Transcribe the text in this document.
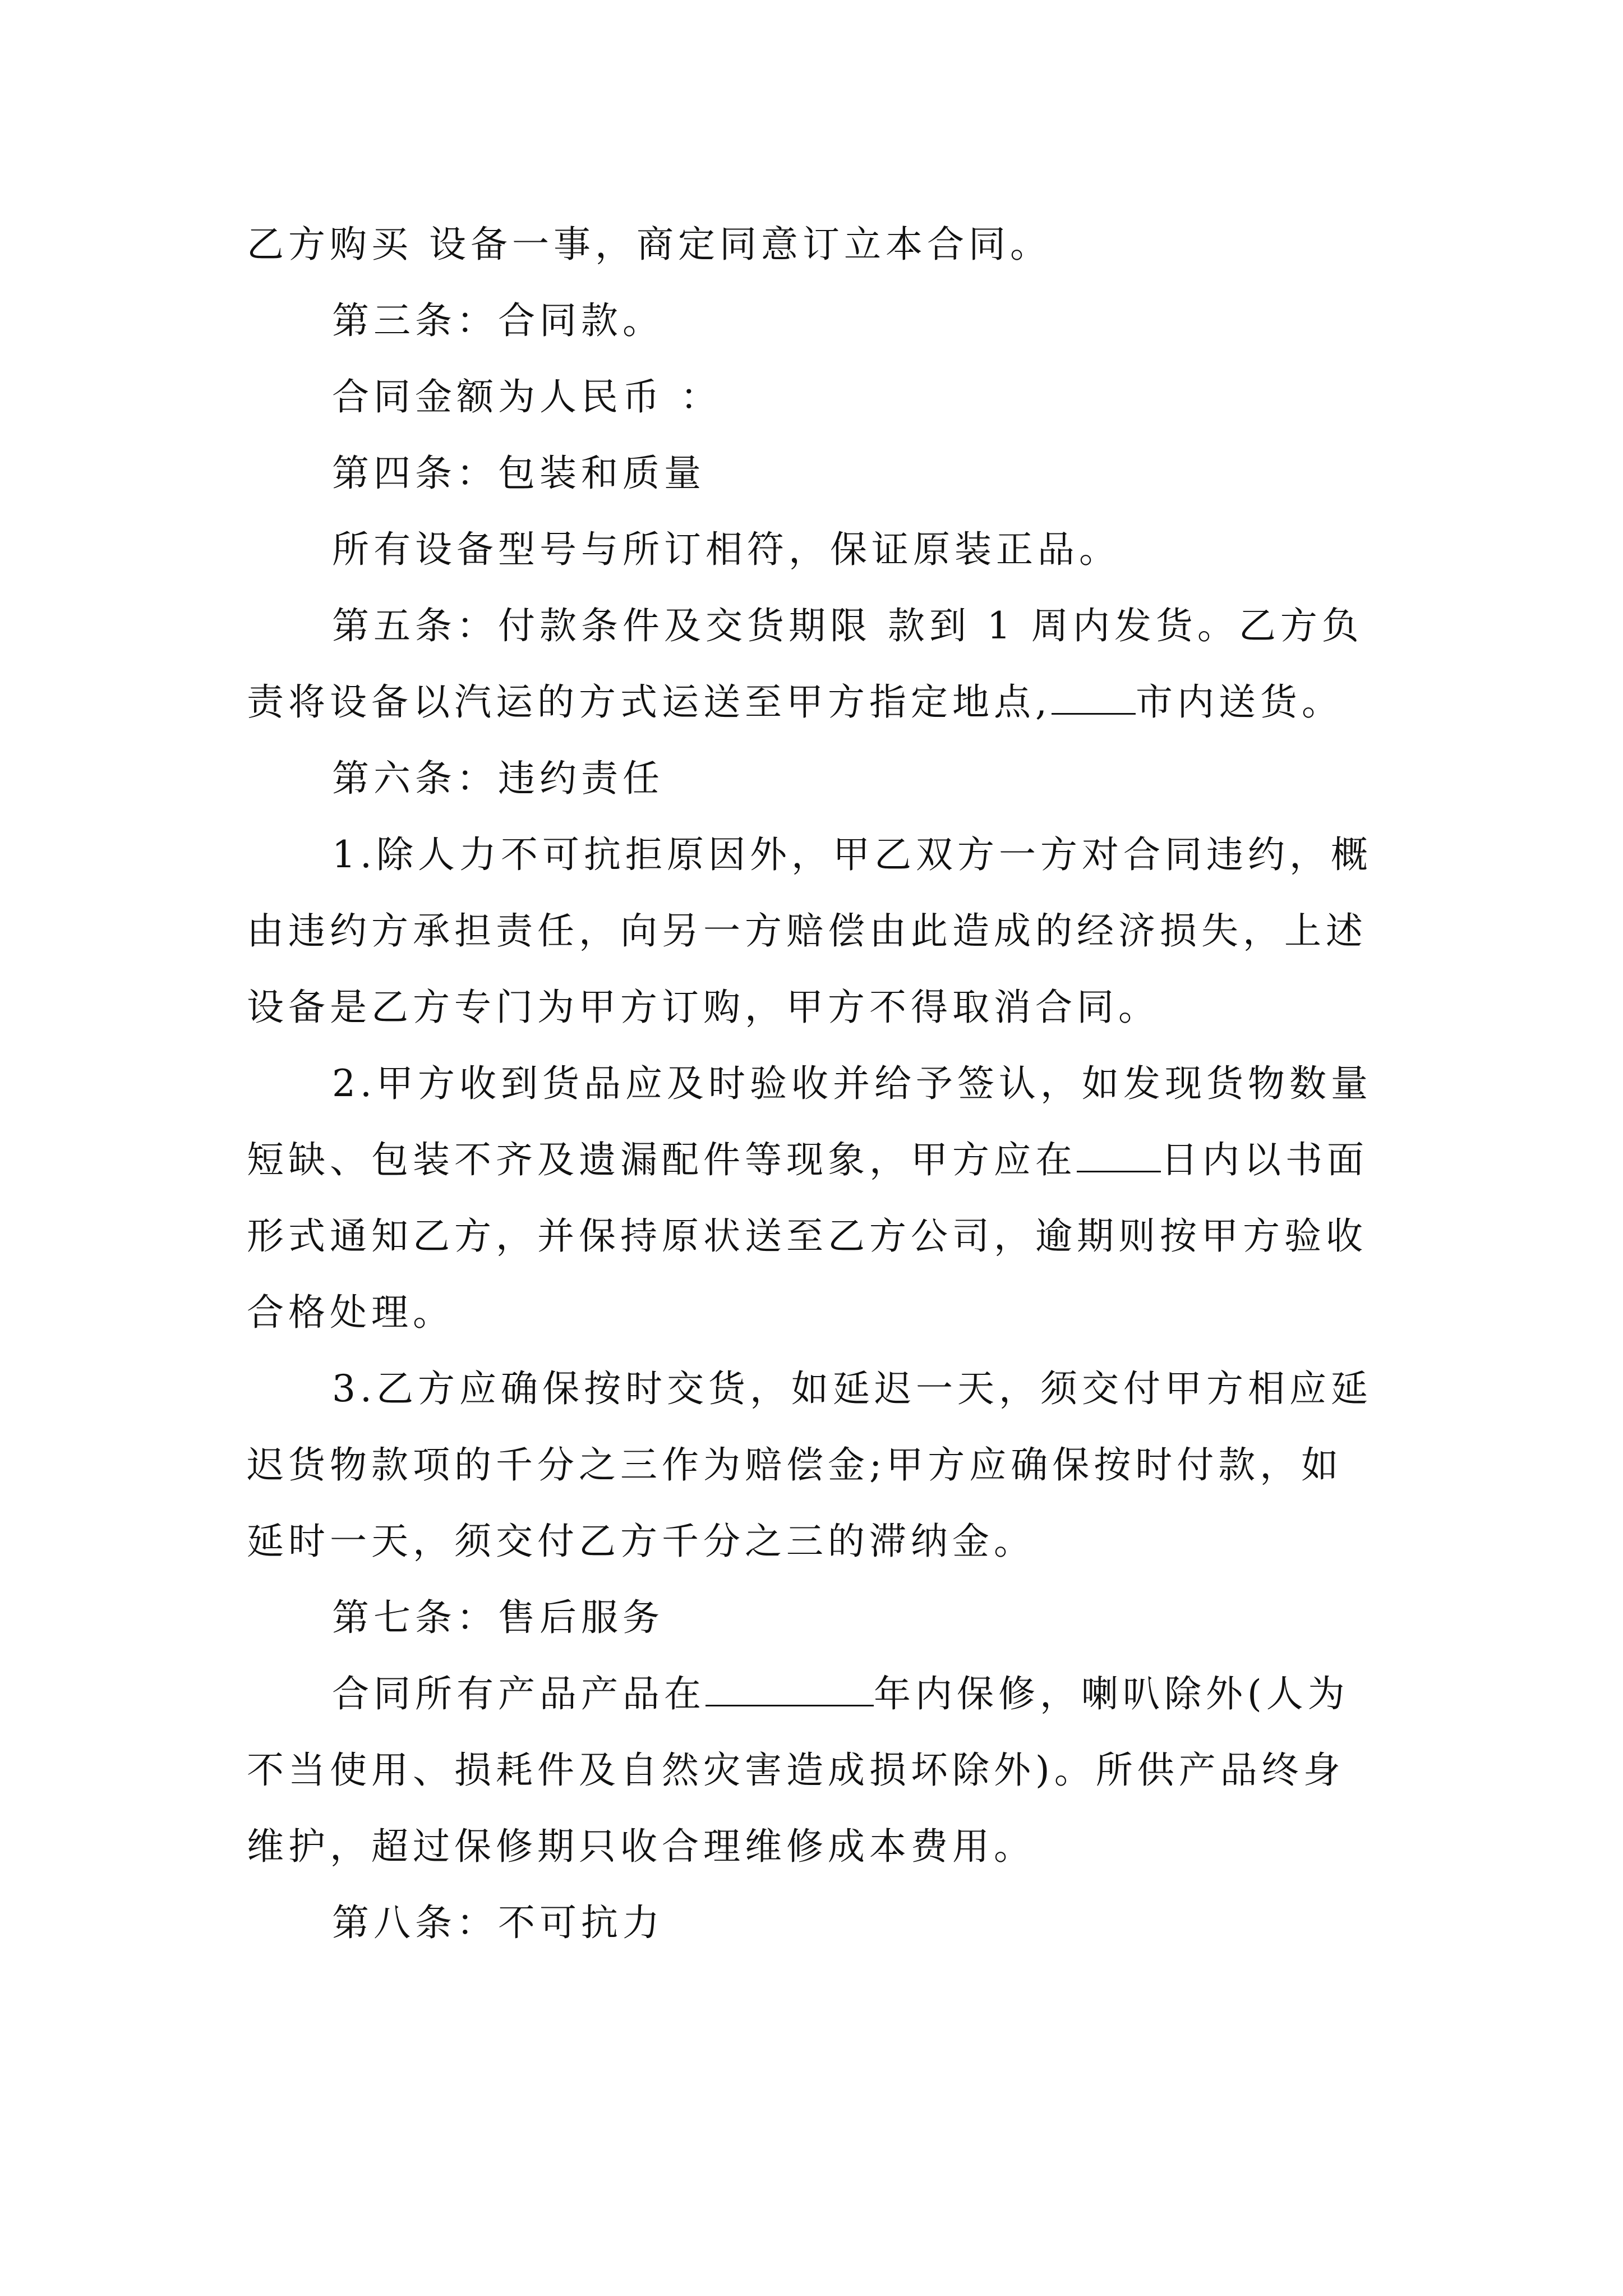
乙方购买 设备一事，商定同意订立本合同。

第三条：合同款。

合同金额为人民币 ：

第四条：包装和质量

所有设备型号与所订相符，保证原装正品。

第五条：付款条件及交货期限 款到 1 周内发货。乙方负责将设备以汽运的方式运送至甲方指定地点, 市内送货。

第六条：违约责任

1.除人力不可抗拒原因外，甲乙双方一方对合同违约，概由违约方承担责任，向另一方赔偿由此造成的经济损失，上述设备是乙方专门为甲方订购，甲方不得取消合同。

2.甲方收到货品应及时验收并给予签认，如发现货物数量短缺、包装不齐及遗漏配件等现象，甲方应在 日内以书面形式通知乙方，并保持原状送至乙方公司，逾期则按甲方验收合格处理。

3.乙方应确保按时交货，如延迟一天，须交付甲方相应延迟货物款项的千分之三作为赔偿金;甲方应确保按时付款，如延时一天，须交付乙方千分之三的滞纳金。

第七条：售后服务

合同所有产品产品在	年内保修，喇叭除外(人为不当使用、损耗件及自然灾害造成损坏除外)。所供产品终身维护，超过保修期只收合理维修成本费用。

第八条：不可抗力
